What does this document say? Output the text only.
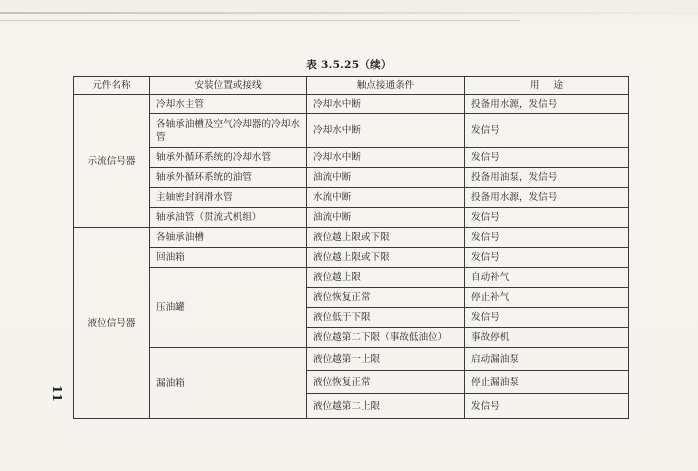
表 3.5.25（续）
元件名称	安装位置或接线	触点接通条件	用途
示流信号器	冷却水主管	冷却水中断	投备用水源，发信号
	各轴承油槽及空气冷却器的冷却水管	冷却水中断	发信号
	轴承外循环系统的冷却水管	冷却水中断	发信号
	轴承外循环系统的油管	油流中断	投备用油泵，发信号
	主轴密封润滑水管	水流中断	投备用水源，发信号
	轴承油管（贯流式机组）	油流中断	发信号
液位信号器	各轴承油槽	液位越上限或下限	发信号
	回油箱	液位越上限或下限	发信号
	压油罐	液位越上限	自动补气
		液位恢复正常	停止补气
		液位低于下限	发信号
		液位越第二下限（事故低油位）	事故停机
	漏油箱	液位越第一上限	启动漏油泵
		液位恢复正常	停止漏油泵
		液位越第二上限	发信号
11
